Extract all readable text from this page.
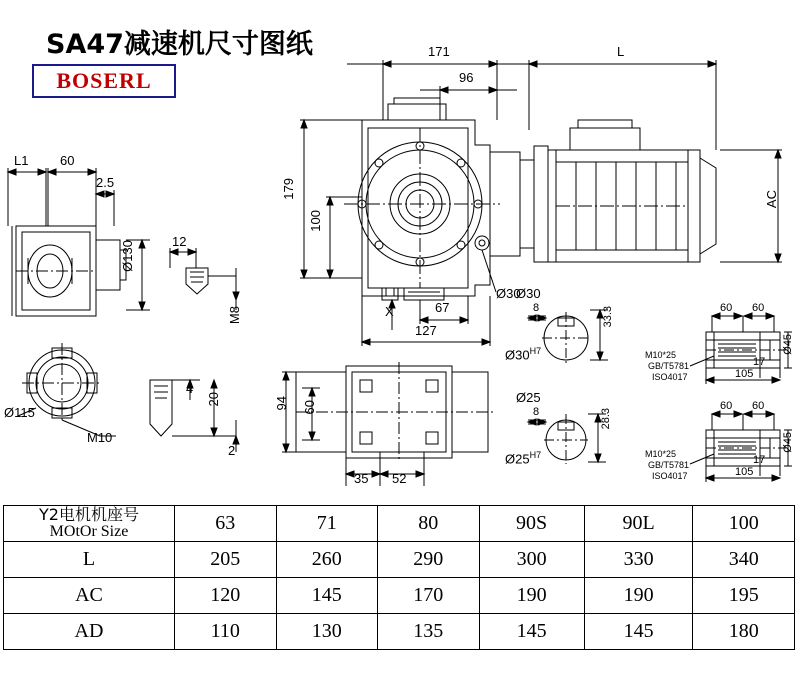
SA47减速机尺寸图纸
BOSERL
171
96
L
179
100
AC
67
127
X
Ø30
L1 60
2.5
Ø130	12
M8
Ø115
M10
4
20
2
94 60
35 52
Ø30
8	33.3
$Ø30^{H7}$
Ø25
8	28.3
$Ø25^{H7}$
60 60
17
105
Ø45
M10*25
GB/T5781
ISO4017
60 60
17
105
Ø45
M10*25
GB/T5781
ISO4017
Y2电机机座号
MOtOr Size	63	71	80	90S	90L	100
L	205	260	290	300	330	340
AC	120	145	170	190	190	195
AD	110	130	135	145	145	180
